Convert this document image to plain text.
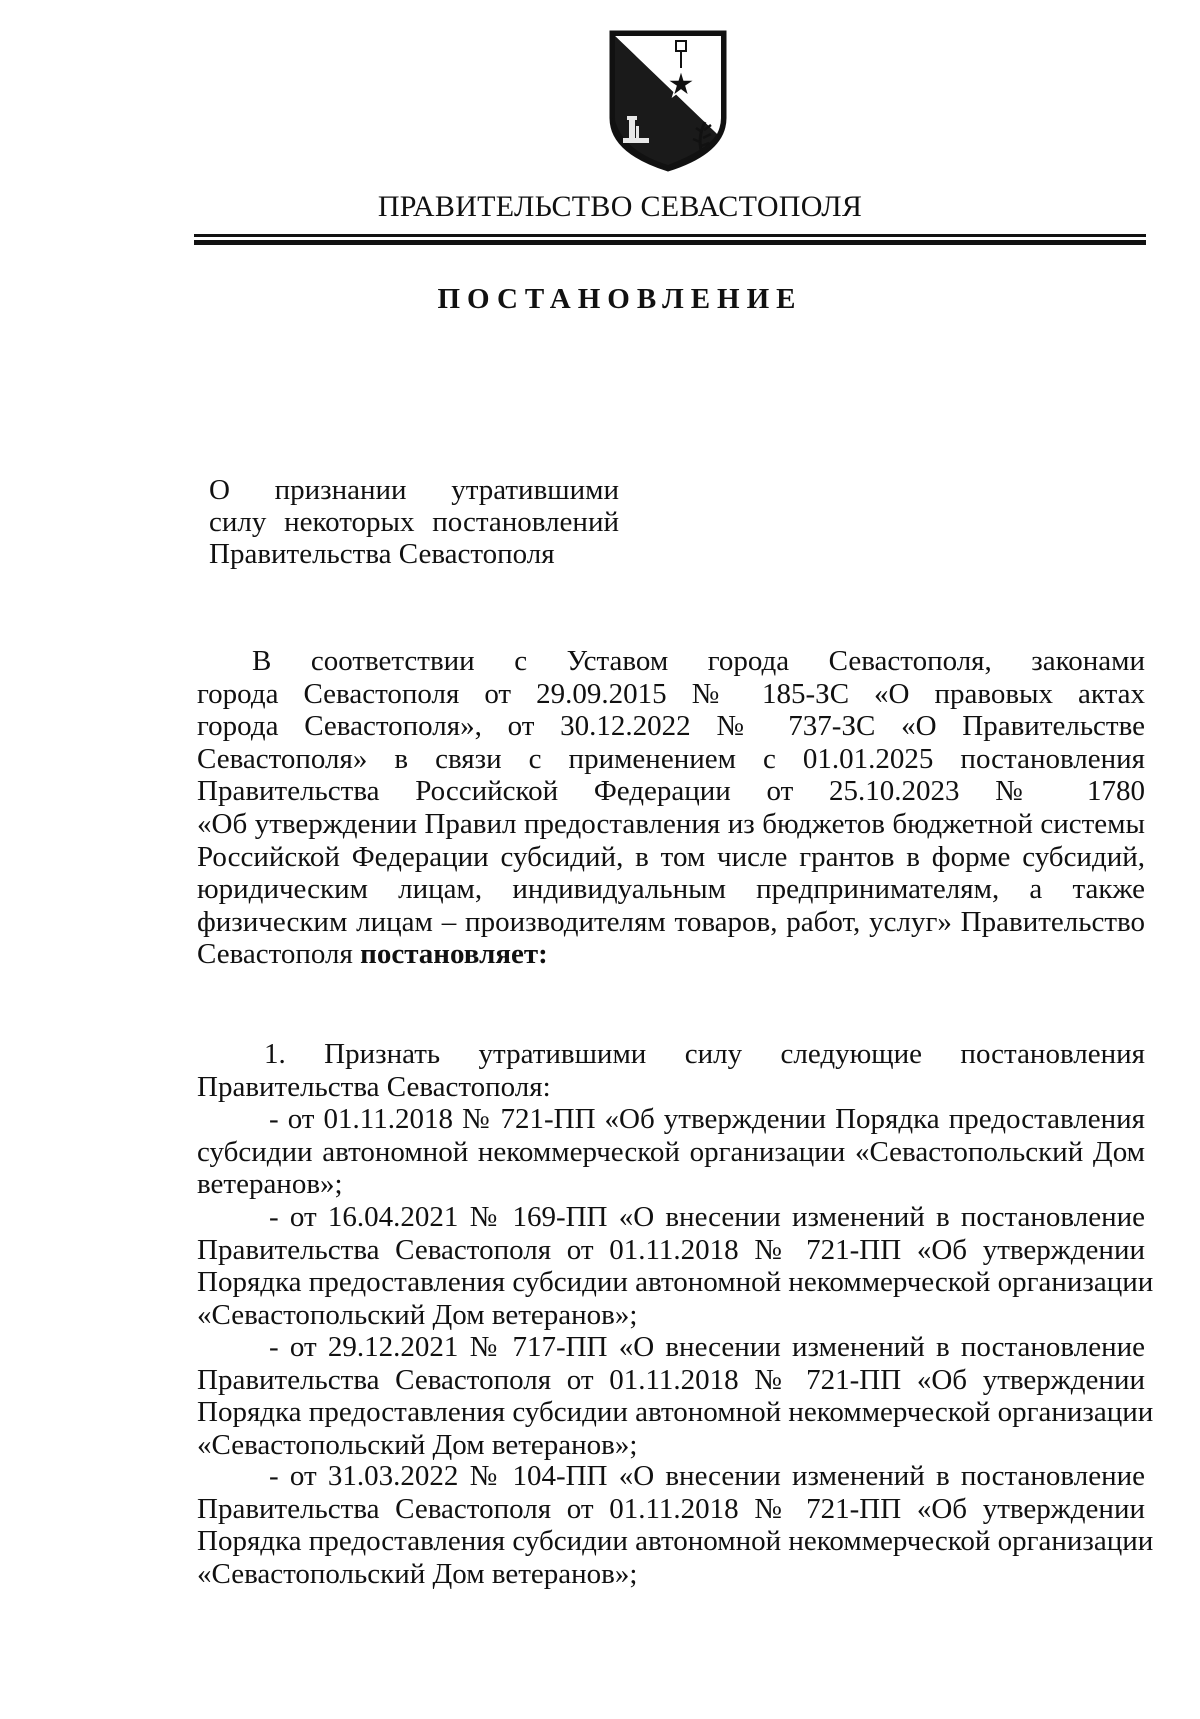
ПРАВИТЕЛЬСТВО СЕВАСТОПОЛЯ
ПОСТАНОВЛЕНИЕ
О признании утратившими
силу некоторых постановлений
Правительства Севастополя
В соответствии с Уставом города Севастополя, законами
города Севастополя от 29.09.2015 № 185-ЗС «О правовых актах
города Севастополя», от 30.12.2022 № 737-ЗС «О Правительстве
Севастополя» в связи с применением с 01.01.2025 постановления
Правительства Российской Федерации от 25.10.2023 № 1780
«Об утверждении Правил предоставления из бюджетов бюджетной системы
Российской Федерации субсидий, в том числе грантов в форме субсидий,
юридическим лицам, индивидуальным предпринимателям, а также
физическим лицам – производителям товаров, работ, услуг» Правительство
Севастополя постановляет:
1. Признать утратившими силу следующие постановления
Правительства Севастополя:
- от 01.11.2018 № 721-ПП «Об утверждении Порядка предоставления
субсидии автономной некоммерческой организации «Севастопольский Дом
ветеранов»;
- от 16.04.2021 № 169-ПП «О внесении изменений в постановление
Правительства Севастополя от 01.11.2018 № 721-ПП «Об утверждении
Порядка предоставления субсидии автономной некоммерческой организации
«Севастопольский Дом ветеранов»;
- от 29.12.2021 № 717-ПП «О внесении изменений в постановление
Правительства Севастополя от 01.11.2018 № 721-ПП «Об утверждении
Порядка предоставления субсидии автономной некоммерческой организации
«Севастопольский Дом ветеранов»;
- от 31.03.2022 № 104-ПП «О внесении изменений в постановление
Правительства Севастополя от 01.11.2018 № 721-ПП «Об утверждении
Порядка предоставления субсидии автономной некоммерческой организации
«Севастопольский Дом ветеранов»;
